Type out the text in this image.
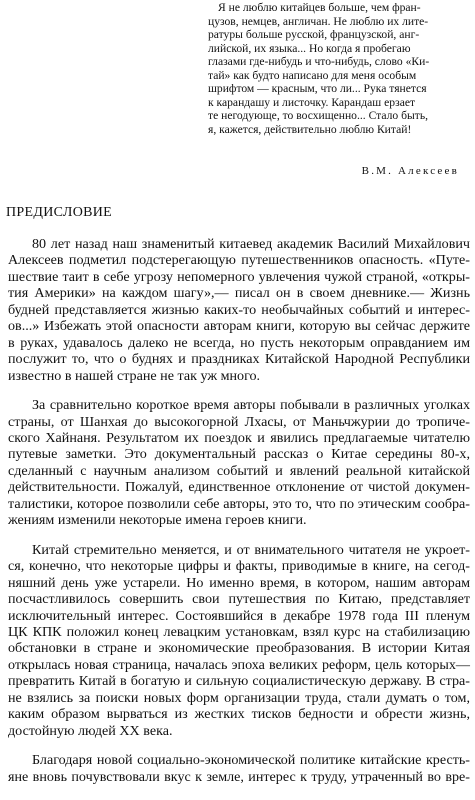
Я не люблю китайцев больше, чем фран-
цузов, немцев, англичан. Не люблю их лите-
ратуры больше русской, французской, анг-
лийской, их языка... Но когда я пробегаю
глазами где-нибудь и что-нибудь, слово «Ки-
тай» как будто написано для меня особым
шрифтом — красным, что ли... Рука тянется
к карандашу и листочку. Карандаш ерзает
те негодующе, то восхищенно... Стало быть,
я, кажется, действительно люблю Китай!
В.М. Алексеев
ПРЕДИСЛОВИЕ
80 лет назад наш знаменитый китаевед академик Василий Михайлович
Алексеев подметил подстерегающую путешественников опасность. «Путе-
шествие таит в себе угрозу непомерного увлечения чужой страной, «откры-
тия Америки» на каждом шагу»,— писал он в своем дневнике.— Жизнь
будней представляется жизнью каких-то необычайных событий и интерес-
ов...» Избежать этой опасности авторам книги, которую вы сейчас держите
в руках, удавалось далеко не всегда, но пусть некоторым оправданием им
послужит то, что о буднях и праздниках Китайской Народной Республики
известно в нашей стране не так уж много.
За сравнительно короткое время авторы побывали в различных уголках
страны, от Шанхая до высокогорной Лхасы, от Маньчжурии до тропиче-
ского Хайнаня. Результатом их поездок и явились предлагаемые читателю
путевые заметки. Это документальный рассказ о Китае середины 80-х,
сделанный с научным анализом событий и явлений реальной китайской
действительности. Пожалуй, единственное отклонение от чистой докумен-
талистики, которое позволили себе авторы, это то, что по этическим сообра-
жениям изменили некоторые имена героев книги.
Китай стремительно меняется, и от внимательного читателя не укроет-
ся, конечно, что некоторые цифры и факты, приводимые в книге, на сегод-
няшний день уже устарели. Но именно время, в котором, нашим авторам
посчастливилось совершить свои путешествия по Китаю, представляет
исключительный интерес. Состоявшийся в декабре 1978 года III пленум
ЦК КПК положил конец левацким установкам, взял курс на стабилизацию
обстановки в стране и экономические преобразования. В истории Китая
открылась новая страница, началась эпоха великих реформ, цель которых—
превратить Китай в богатую и сильную социалистическую державу. В стра-
не взялись за поиски новых форм организации труда, стали думать о том,
каким образом вырваться из жестких тисков бедности и обрести жизнь,
достойную людей XX века.
Благодаря новой социально-экономической политике китайские кресть-
яне вновь почувствовали вкус к земле, интерес к труду, утраченный во вре-
